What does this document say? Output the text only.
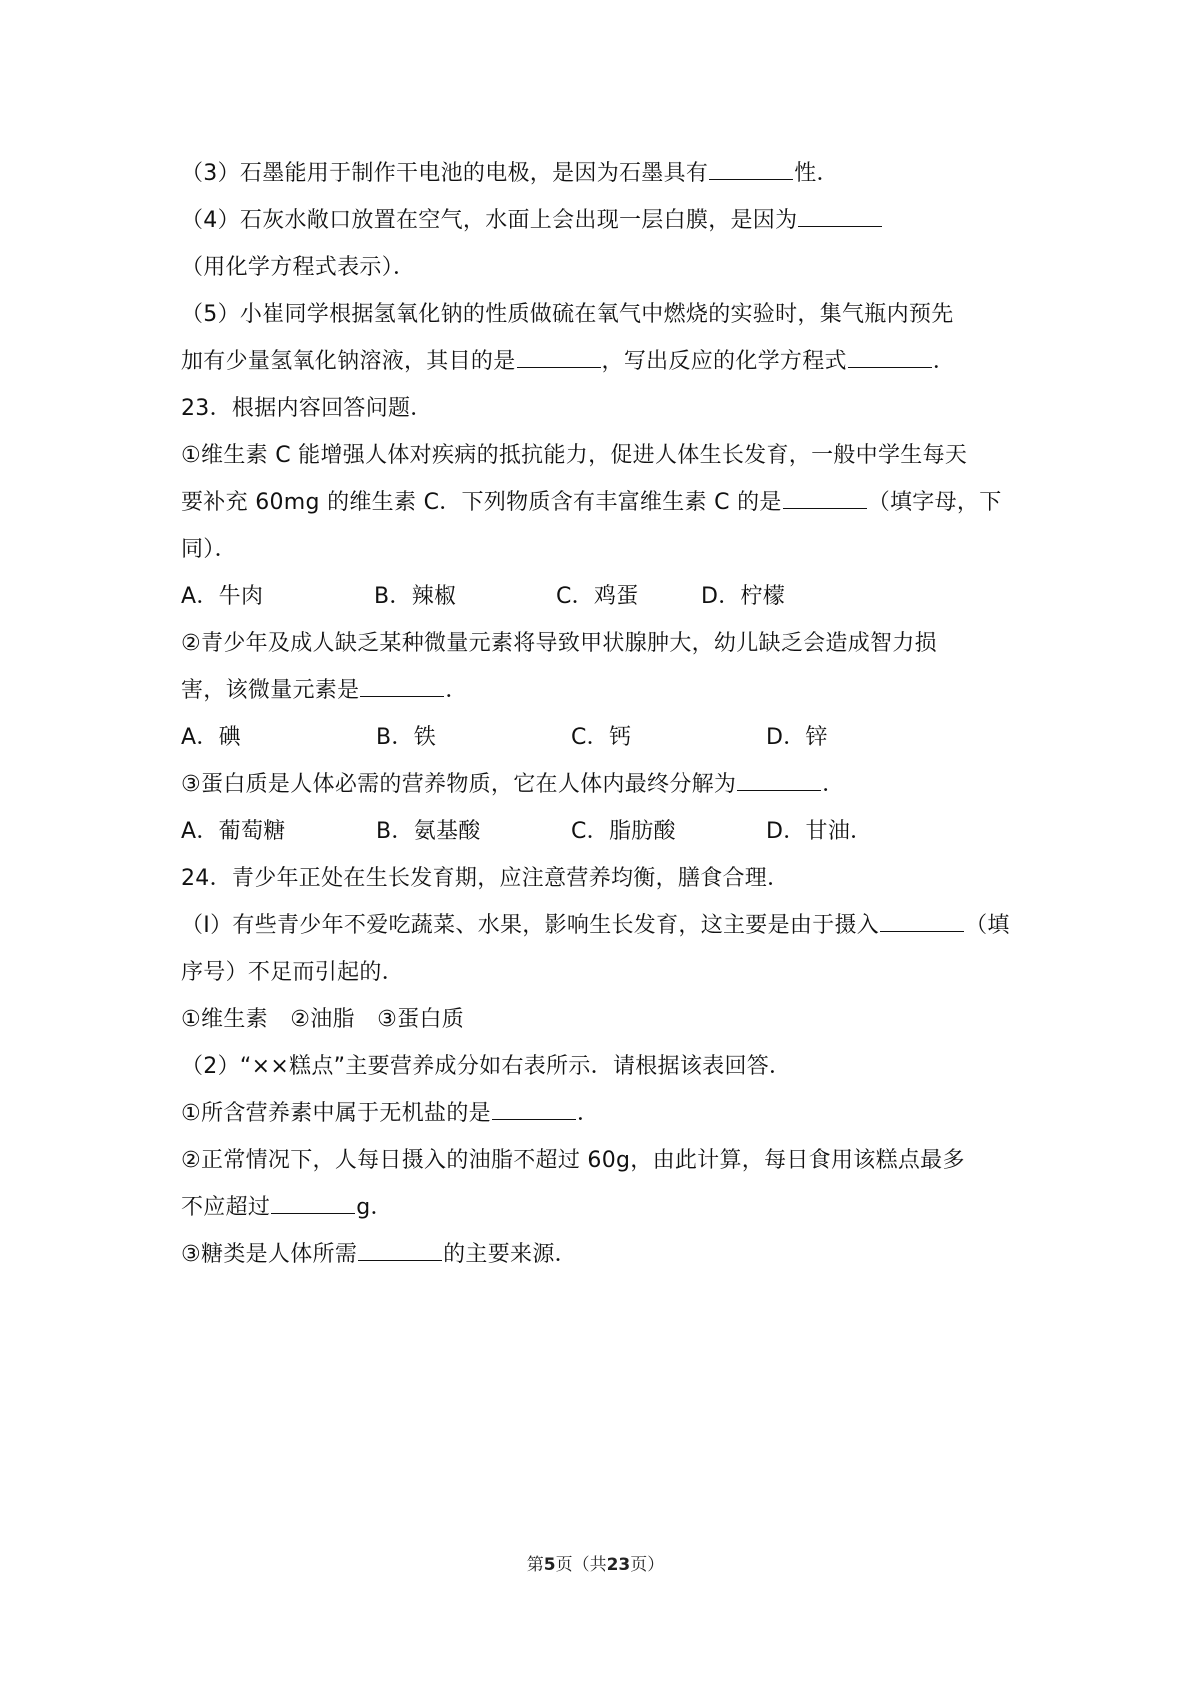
（3）石墨能用于制作干电池的电极，是因为石墨具有	性．
（4）石灰水敞口放置在空气，水面上会出现一层白膜，是因为
（用化学方程式表示）．
（5）小崔同学根据氢氧化钠的性质做硫在氧气中燃烧的实验时，集气瓶内预先
加有少量氢氧化钠溶液，其目的是	，写出反应的化学方程式	．
23．根据内容回答问题．
①维生素 C 能增强人体对疾病的抵抗能力，促进人体生长发育，一般中学生每天
要补充 60mg 的维生素 C．下列物质含有丰富维生素 C 的是	（填字母，下
同）．
A．牛肉	B．辣椒	C．鸡蛋	D．柠檬
②青少年及成人缺乏某种微量元素将导致甲状腺肿大，幼儿缺乏会造成智力损
害，该微量元素是	．
A．碘	B．铁	C．钙	D．锌
③蛋白质是人体必需的营养物质，它在人体内最终分解为	．
A．葡萄糖	B．氨基酸	C．脂肪酸	D．甘油．
24．青少年正处在生长发育期，应注意营养均衡，膳食合理．
（I）有些青少年不爱吃蔬菜、水果，影响生长发育，这主要是由于摄入	（填
序号）不足而引起的．
①维生素　②油脂　③蛋白质
（2）“××糕点”主要营养成分如右表所示．请根据该表回答．
①所含营养素中属于无机盐的是	．
②正常情况下，人每日摄入的油脂不超过 60g，由此计算，每日食用该糕点最多
不应超过	g．
③糖类是人体所需	的主要来源．
第5页（共23页）
